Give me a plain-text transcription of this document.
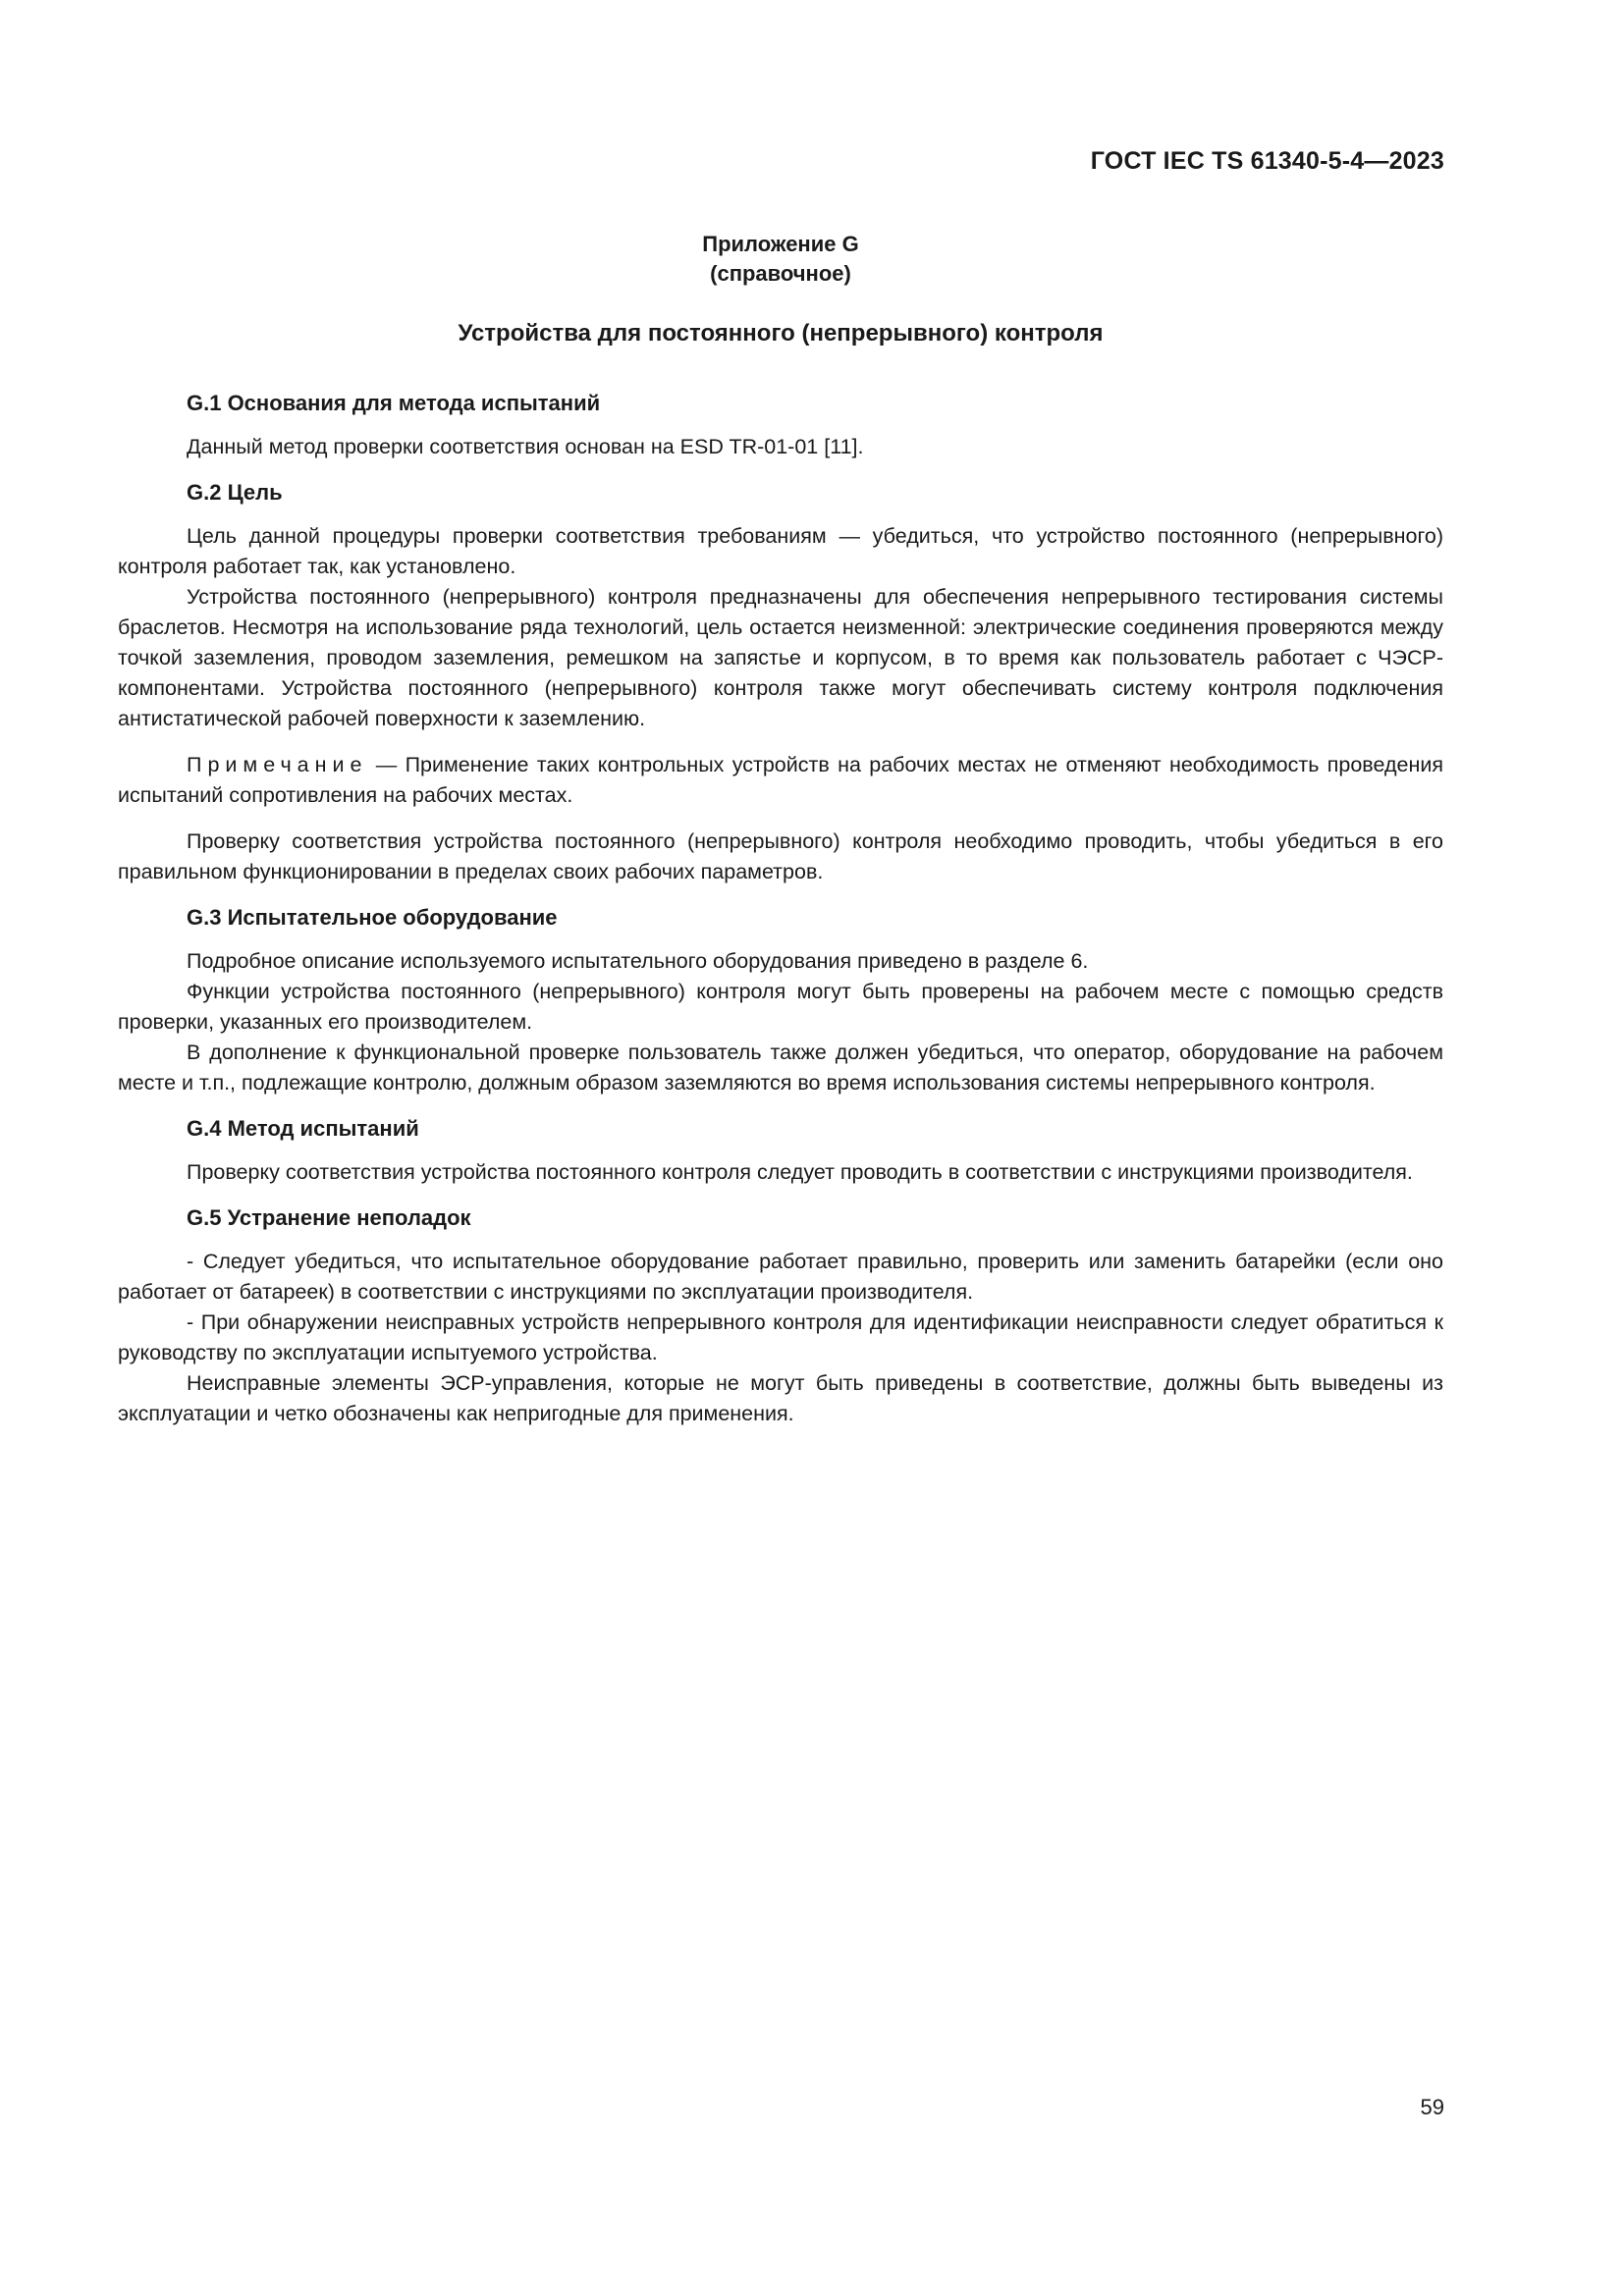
ГОСТ IEC TS 61340-5-4—2023

Приложение G

(справочное)

Устройства для постоянного (непрерывного) контроля

G.1 Основания для метода испытаний

Данный метод проверки соответствия основан на ESD TR-01-01 [11].

G.2 Цель

Цель данной процедуры проверки соответствия требованиям — убедиться, что устройство постоянного (непрерывного) контроля работает так, как установлено.

Устройства постоянного (непрерывного) контроля предназначены для обеспечения непрерывного тестирования системы браслетов. Несмотря на использование ряда технологий, цель остается неизменной: электрические соединения проверяются между точкой заземления, проводом заземления, ремешком на запястье и корпусом, в то время как пользователь работает с ЧЭСР-компонентами. Устройства постоянного (непрерывного) контроля также могут обеспечивать систему контроля подключения антистатической рабочей поверхности к заземлению.

Примечание — Применение таких контрольных устройств на рабочих местах не отменяют необходимость проведения испытаний сопротивления на рабочих местах.

Проверку соответствия устройства постоянного (непрерывного) контроля необходимо проводить, чтобы убедиться в его правильном функционировании в пределах своих рабочих параметров.

G.3 Испытательное оборудование

Подробное описание используемого испытательного оборудования приведено в разделе 6.

Функции устройства постоянного (непрерывного) контроля могут быть проверены на рабочем месте с помощью средств проверки, указанных его производителем.

В дополнение к функциональной проверке пользователь также должен убедиться, что оператор, оборудование на рабочем месте и т.п., подлежащие контролю, должным образом заземляются во время использования системы непрерывного контроля.

G.4 Метод испытаний

Проверку соответствия устройства постоянного контроля следует проводить в соответствии с инструкциями производителя.

G.5 Устранение неполадок

- Следует убедиться, что испытательное оборудование работает правильно, проверить или заменить батарейки (если оно работает от батареек) в соответствии с инструкциями по эксплуатации производителя.

- При обнаружении неисправных устройств непрерывного контроля для идентификации неисправности следует обратиться к руководству по эксплуатации испытуемого устройства.

Неисправные элементы ЭСР-управления, которые не могут быть приведены в соответствие, должны быть выведены из эксплуатации и четко обозначены как непригодные для применения.

59
